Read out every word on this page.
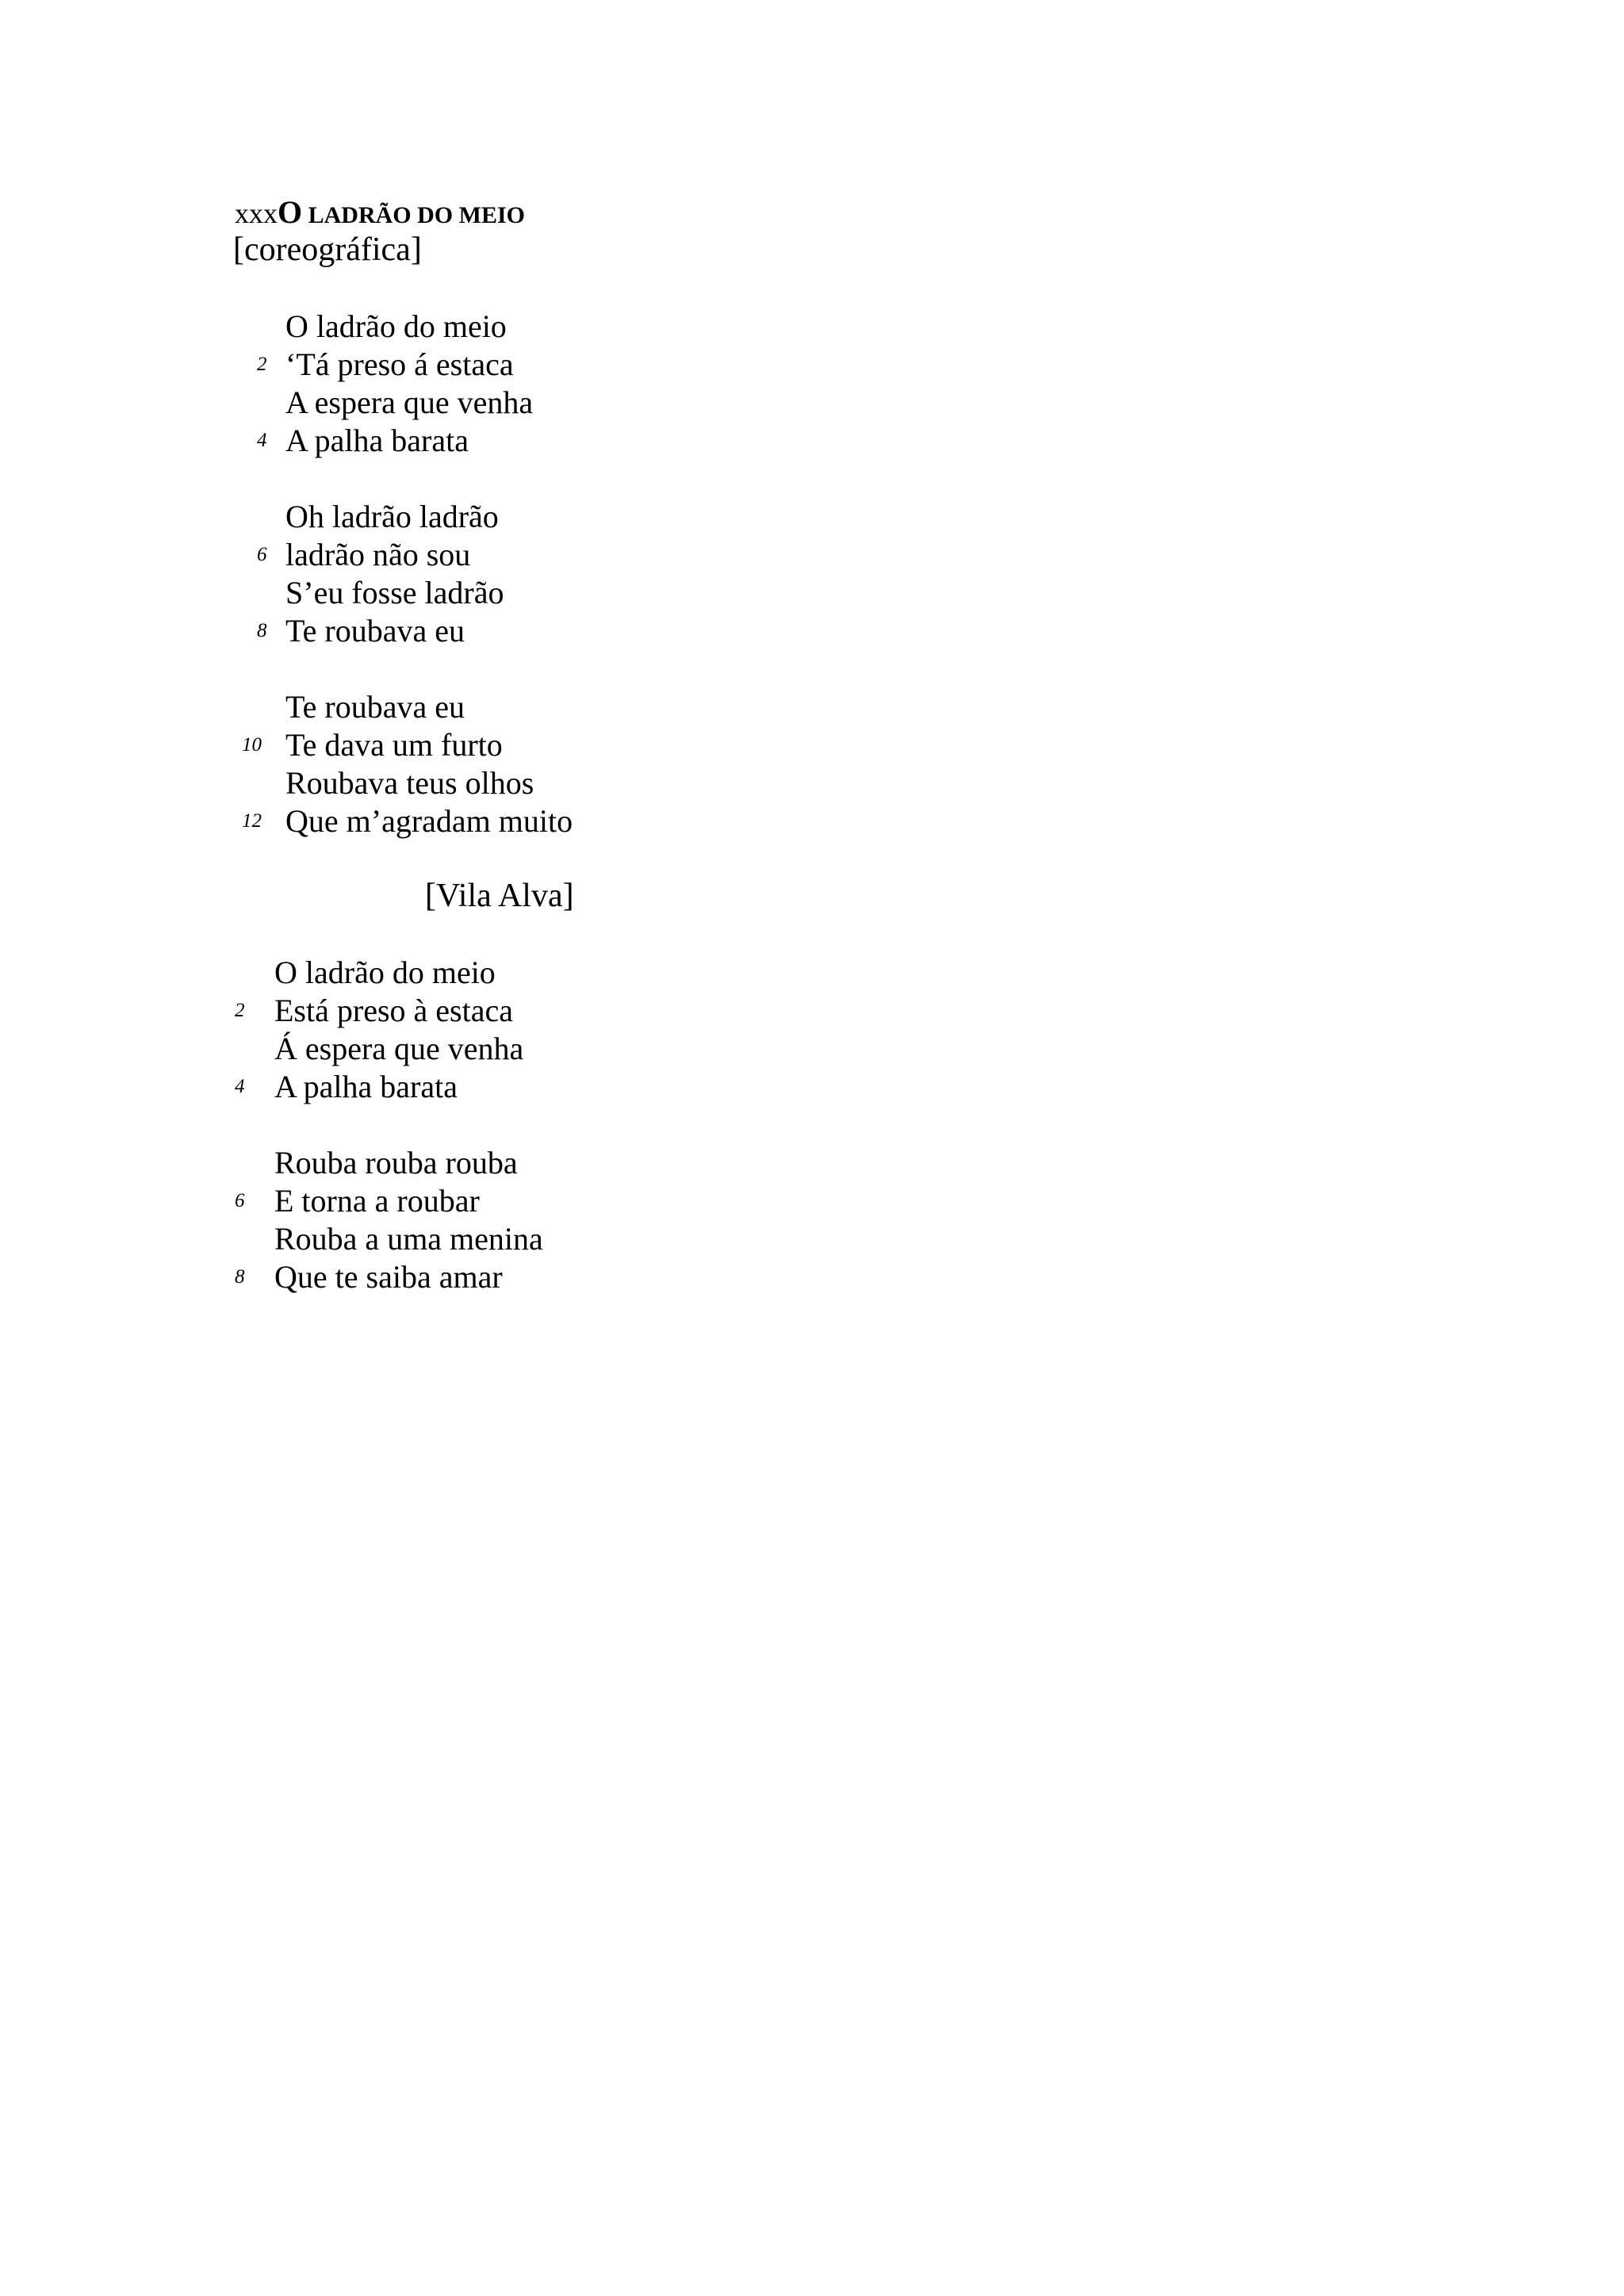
xxxO LADRÃO DO MEIO
[coreográfica]
O ladrão do meio
2 ‘Tá preso á estaca
A espera que venha
4 A palha barata
Oh ladrão ladrão
6 ladrão não sou
S’eu fosse ladrão
8 Te roubava eu
Te roubava eu
10 Te dava um furto
Roubava teus olhos
12 Que m’agradam muito
[Vila Alva]
O ladrão do meio
2 Está preso à estaca
Á espera que venha
4 A palha barata
Rouba rouba rouba
6 E torna a roubar
Rouba a uma menina
8 Que te saiba amar
